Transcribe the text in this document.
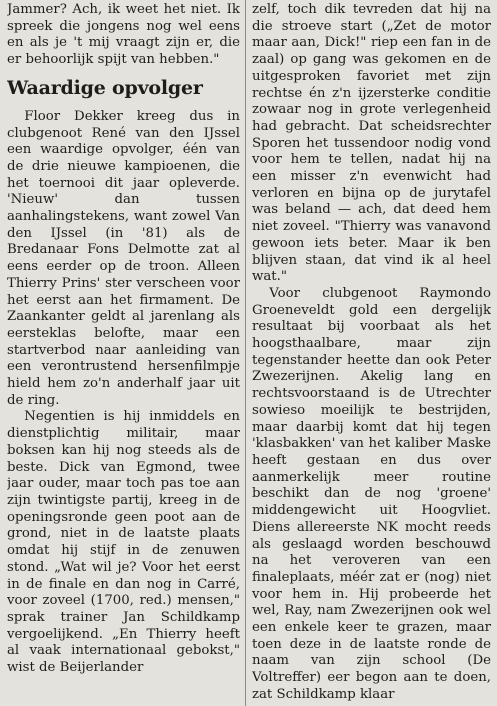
Jammer? Ach, ik weet het niet. Ik spreek die jongens nog wel eens en als je 't mij vraagt zijn er, die er behoorlijk spijt van hebben."

Waardige opvolger

Floor Dekker kreeg dus in clubgenoot René van den IJssel een waardige opvolger, één van de drie nieuwe kampioenen, die het toernooi dit jaar opleverde. 'Nieuw' dan tussen aanhalingstekens, want zowel Van den IJssel (in '81) als de Bredanaar Fons Delmotte zat al eens eerder op de troon. Alleen Thierry Prins' ster verscheen voor het eerst aan het firmament. De Zaankanter geldt al jarenlang als eersteklas belofte, maar een startverbod naar aanleiding van een verontrustend hersenfilmpje hield hem zo'n anderhalf jaar uit de ring.

Negentien is hij inmiddels en dienstplichtig militair, maar boksen kan hij nog steeds als de beste. Dick van Egmond, twee jaar ouder, maar toch pas toe aan zijn twintigste partij, kreeg in de openingsronde geen poot aan de grond, niet in de laatste plaats omdat hij stijf in de zenuwen stond. „Wat wil je? Voor het eerst in de finale en dan nog in Carré, voor zoveel (1700, red.) mensen," sprak trainer Jan Schildkamp vergoelijkend. „En Thierry heeft al vaak internationaal gebokst," wist de Beijerlander

zelf, toch dik tevreden dat hij na die stroeve start („Zet de motor maar aan, Dick!" riep een fan in de zaal) op gang was gekomen en de uitgesproken favoriet met zijn rechtse én z'n ijzersterke conditie zowaar nog in grote verlegenheid had gebracht. Dat scheidsrechter Sporen het tussendoor nodig vond voor hem te tellen, nadat hij na een misser z'n evenwicht had verloren en bijna op de jurytafel was beland — ach, dat deed hem niet zoveel. "Thierry was vanavond gewoon iets beter. Maar ik ben blijven staan, dat vind ik al heel wat."

Voor clubgenoot Raymondo Groeneveldt gold een dergelijk resultaat bij voorbaat als het hoogsthaalbare, maar zijn tegenstander heette dan ook Peter Zwezerijnen. Akelig lang en rechtsvoorstaand is de Utrechter sowieso moeilijk te bestrijden, maar daarbij komt dat hij tegen 'klasbakken' van het kaliber Maske heeft gestaan en dus over aanmerkelijk meer routine beschikt dan de nog 'groene' middengewicht uit Hoogvliet. Diens allereerste NK mocht reeds als geslaagd worden beschouwd na het veroveren van een finaleplaats, méér zat er (nog) niet voor hem in. Hij probeerde het wel, Ray, nam Zwezerijnen ook wel een enkele keer te grazen, maar toen deze in de laatste ronde de naam van zijn school (De Voltreffer) eer begon aan te doen, zat Schildkamp klaar
